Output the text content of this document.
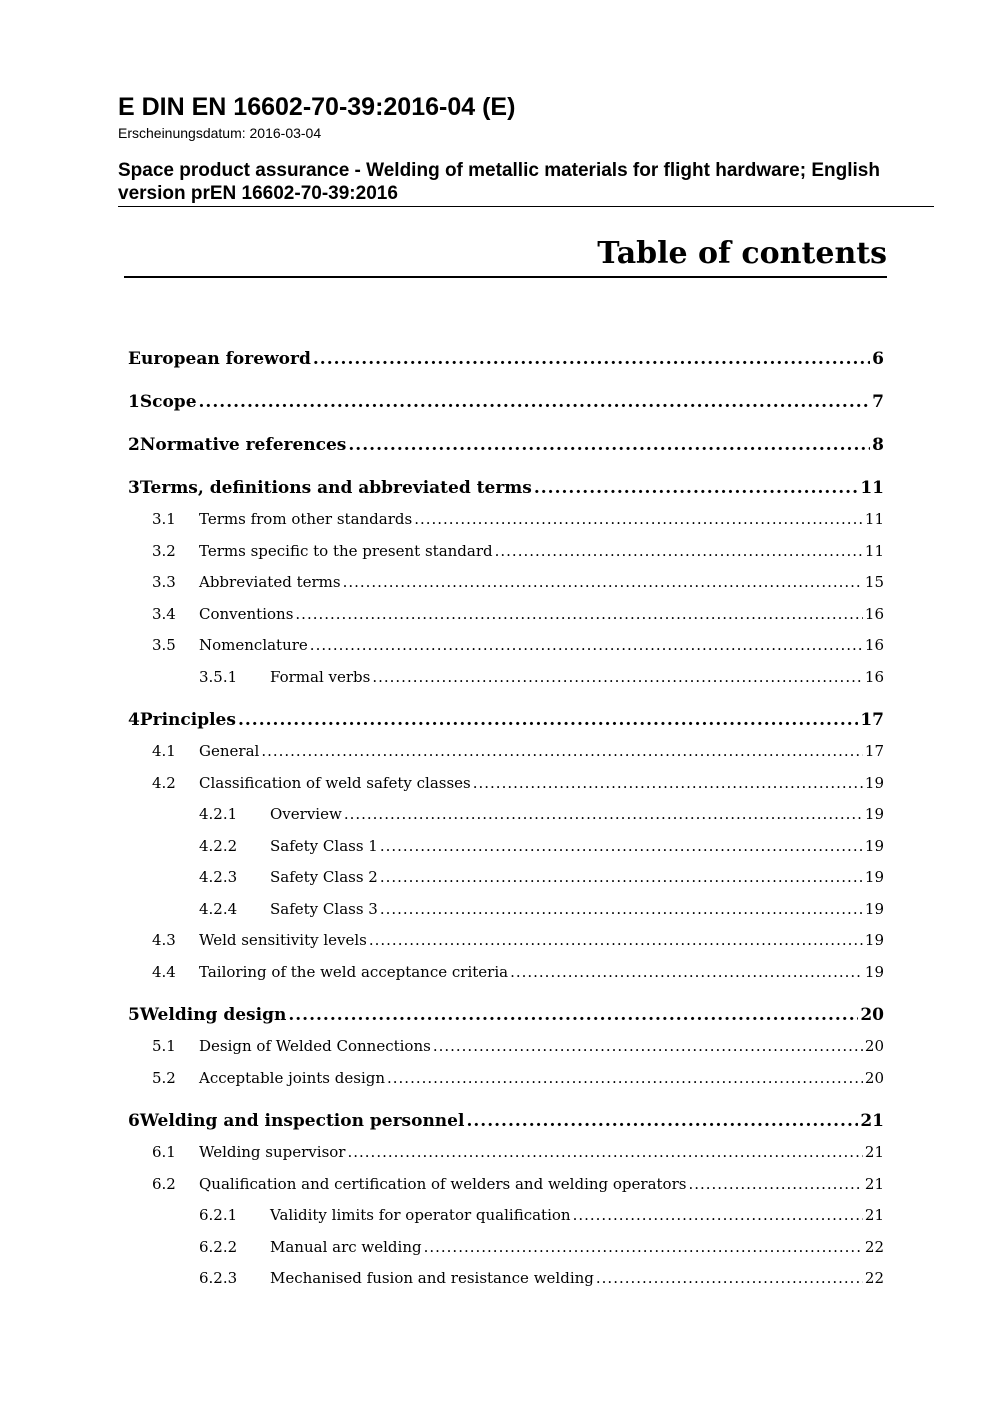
E DIN EN 16602-70-39:2016-04 (E)

Erscheinungsdatum: 2016-03-04

Space product assurance - Welding of metallic materials for flight hardware; English version prEN 16602-70-39:2016

Table of contents
European foreword .....	6
1 Scope .....	7
2 Normative references .....	8
3 Terms, definitions and abbreviated terms .....	11
3.1	Terms from other standards .....	11
3.2	Terms specific to the present standard .....	11
3.3	Abbreviated terms .....	15
3.4	Conventions .....	16
3.5	Nomenclature .....	16
3.5.1	Formal verbs .....	16
4 Principles .....	17
4.1	General .....	17
4.2	Classification of weld safety classes .....	19
4.2.1	Overview .....	19
4.2.2	Safety Class 1 .....	19
4.2.3	Safety Class 2 .....	19
4.2.4	Safety Class 3 .....	19
4.3	Weld sensitivity levels .....	19
4.4	Tailoring of the weld acceptance criteria .....	19
5 Welding design .....	20
5.1	Design of Welded Connections .....	20
5.2	Acceptable joints design .....	20
6 Welding and inspection personnel .....	21
6.1	Welding supervisor .....	21
6.2	Qualification and certification of welders and welding operators .....	21
6.2.1	Validity limits for operator qualification .....	21
6.2.2	Manual arc welding .....	22
6.2.3	Mechanised fusion and resistance welding .....	22
